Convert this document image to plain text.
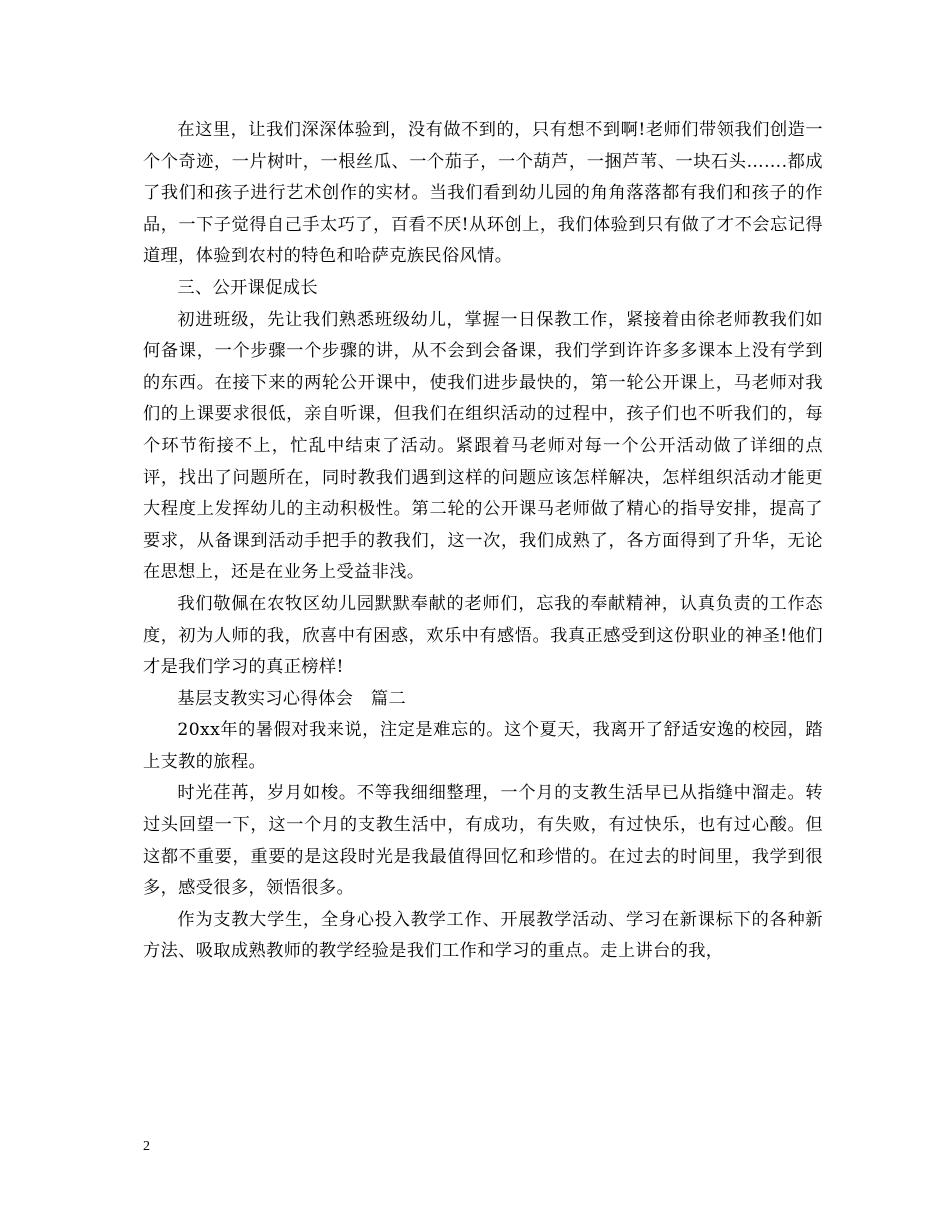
在这里，让我们深深体验到，没有做不到的，只有想不到啊!老师们带领我们创造一个个奇迹，一片树叶，一根丝瓜、一个茄子，一个葫芦，一捆芦苇、一块石头…….都成了我们和孩子进行艺术创作的实材。当我们看到幼儿园的角角落落都有我们和孩子的作品，一下子觉得自己手太巧了，百看不厌!从环创上，我们体验到只有做了才不会忘记得道理，体验到农村的特色和哈萨克族民俗风情。

三、公开课促成长

初进班级，先让我们熟悉班级幼儿，掌握一日保教工作，紧接着由徐老师教我们如何备课，一个步骤一个步骤的讲，从不会到会备课，我们学到许许多多课本上没有学到的东西。在接下来的两轮公开课中，使我们进步最快的，第一轮公开课上，马老师对我们的上课要求很低，亲自听课，但我们在组织活动的过程中，孩子们也不听我们的，每个环节衔接不上，忙乱中结束了活动。紧跟着马老师对每一个公开活动做了详细的点评，找出了问题所在，同时教我们遇到这样的问题应该怎样解决，怎样组织活动才能更大程度上发挥幼儿的主动积极性。第二轮的公开课马老师做了精心的指导安排，提高了要求，从备课到活动手把手的教我们，这一次，我们成熟了，各方面得到了升华，无论在思想上，还是在业务上受益非浅。

我们敬佩在农牧区幼儿园默默奉献的老师们，忘我的奉献精神，认真负责的工作态度，初为人师的我，欣喜中有困惑，欢乐中有感悟。我真正感受到这份职业的神圣!他们才是我们学习的真正榜样!

基层支教实习心得体会　篇二

20xx年的暑假对我来说，注定是难忘的。这个夏天，我离开了舒适安逸的校园，踏上支教的旅程。

时光荏苒，岁月如梭。不等我细细整理，一个月的支教生活早已从指缝中溜走。转过头回望一下，这一个月的支教生活中，有成功，有失败，有过快乐，也有过心酸。但这都不重要，重要的是这段时光是我最值得回忆和珍惜的。在过去的时间里，我学到很多，感受很多，领悟很多。

作为支教大学生，全身心投入教学工作、开展教学活动、学习在新课标下的各种新方法、吸取成熟教师的教学经验是我们工作和学习的重点。走上讲台的我，

2
